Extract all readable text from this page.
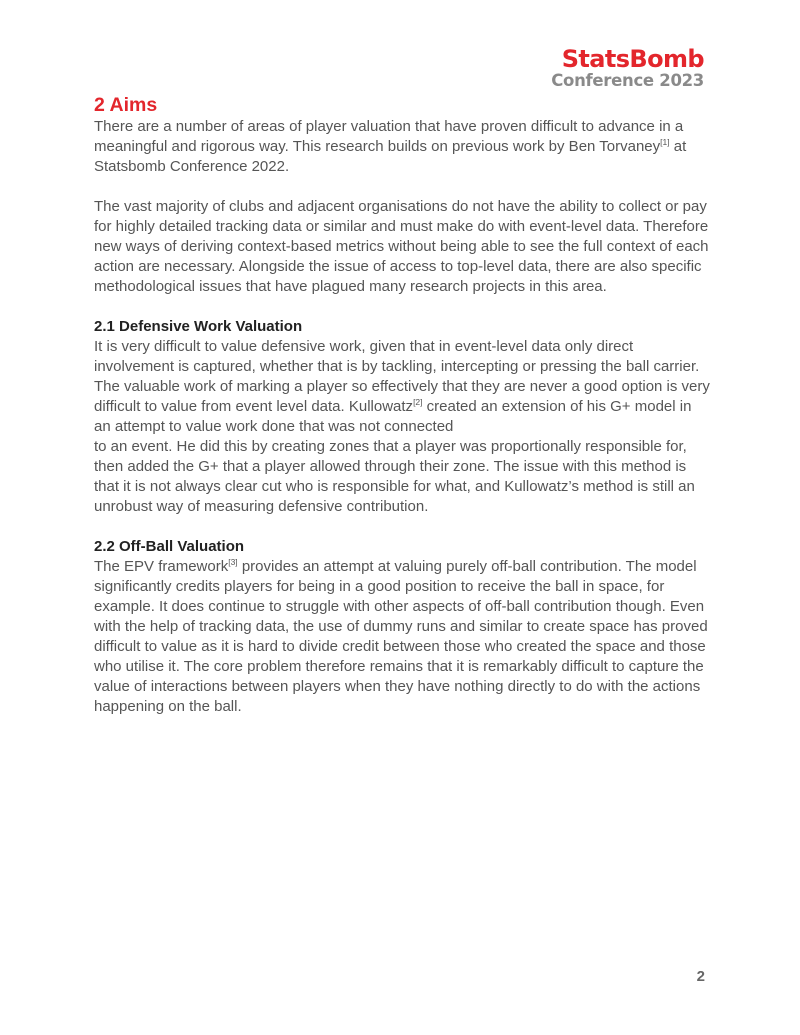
StatsBomb
Conference 2023
2 Aims

There are a number of areas of player valuation that have proven difficult to advance in a meaningful and rigorous way. This research builds on previous work by Ben Torvaney[1] at Statsbomb Conference 2022.

The vast majority of clubs and adjacent organisations do not have the ability to collect or pay for highly detailed tracking data or similar and must make do with event-level data. Therefore new ways of deriving context-based metrics without being able to see the full context of each action are necessary. Alongside the issue of access to top-level data, there are also specific methodological issues that have plagued many research projects in this area.

2.1 Defensive Work Valuation

It is very difficult to value defensive work, given that in event-level data only direct involvement is captured, whether that is by tackling, intercepting or pressing the ball carrier. The valuable work of marking a player so effectively that they are never a good option is very difficult to value from event level data. Kullowatz[2] created an extension of his G+ model in an attempt to value work done that was not connected

to an event. He did this by creating zones that a player was proportionally responsible for, then added the G+ that a player allowed through their zone. The issue with this method is that it is not always clear cut who is responsible for what, and Kullowatz’s method is still an unrobust way of measuring defensive contribution.

2.2 Off-Ball Valuation

The EPV framework[3] provides an attempt at valuing purely off-ball contribution. The model significantly credits players for being in a good position to receive the ball in space, for example. It does continue to struggle with other aspects of off-ball contribution though. Even with the help of tracking data, the use of dummy runs and similar to create space has proved difficult to value as it is hard to divide credit between those who created the space and those who utilise it. The core problem therefore remains that it is remarkably difficult to capture the value of interactions between players when they have nothing directly to do with the actions happening on the ball.

2
